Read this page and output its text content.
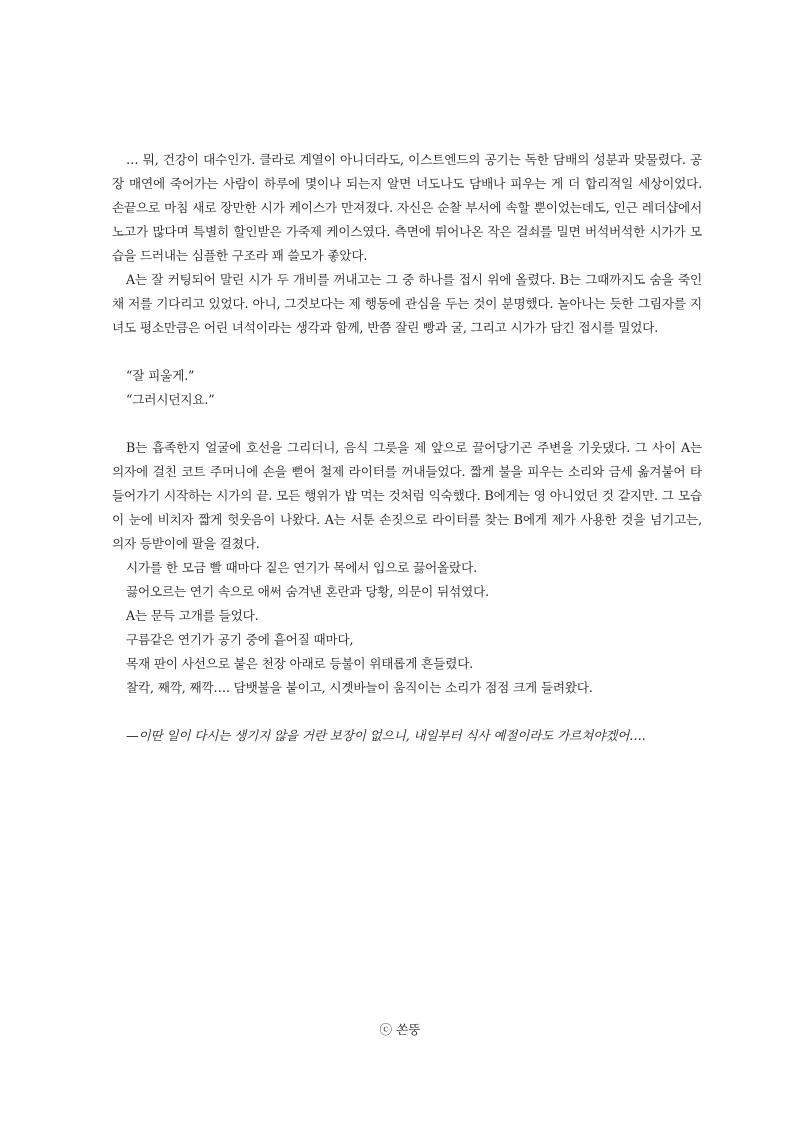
… 뭐, 건강이 대수인가. 클라로 계열이 아니더라도, 이스트엔드의 공기는 독한 담배의 성분과 맞물렸다. 공장 매연에 죽어가는 사람이 하루에 몇이나 되는지 알면 너도나도 담배나 피우는 게 더 합리적일 세상이었다. 손끝으로 마침 새로 장만한 시가 케이스가 만져졌다. 자신은 순찰 부서에 속할 뿐이었는데도, 인근 레더샵에서 노고가 많다며 특별히 할인받은 가죽제 케이스였다. 측면에 튀어나온 작은 걸쇠를 밀면 버석버석한 시가가 모습을 드러내는 심플한 구조라 꽤 쓸모가 좋았다.

A는 잘 커팅되어 말린 시가 두 개비를 꺼내고는 그 중 하나를 접시 위에 올렸다. B는 그때까지도 숨을 죽인 채 저를 기다리고 있었다. 아니, 그것보다는 제 행동에 관심을 두는 것이 분명했다. 놀아나는 듯한 그림자를 지녀도 평소만큼은 어린 녀석이라는 생각과 함께, 반쯤 잘린 빵과 굴, 그리고 시가가 담긴 접시를 밀었다.

“잘 피울게.”

“그러시던지요.”

B는 흡족한지 얼굴에 호선을 그리더니, 음식 그릇을 제 앞으로 끌어당기곤 주변을 기웃댔다. 그 사이 A는 의자에 걸친 코트 주머니에 손을 뻗어 철제 라이터를 꺼내들었다. 짧게 불을 피우는 소리와 금세 옮겨붙어 타들어가기 시작하는 시가의 끝. 모든 행위가 밥 먹는 것처럼 익숙했다. B에게는 영 아니었던 것 같지만. 그 모습이 눈에 비치자 짧게 헛웃음이 나왔다. A는 서툰 손짓으로 라이터를 찾는 B에게 제가 사용한 것을 넘기고는, 의자 등받이에 팔을 걸쳤다.

시가를 한 모금 빨 때마다 짙은 연기가 목에서 입으로 끓어올랐다.

끓어오르는 연기 속으로 애써 숨겨낸 혼란과 당황, 의문이 뒤섞였다.

A는 문득 고개를 들었다.

구름같은 연기가 공기 중에 흩어질 때마다,

목재 판이 사선으로 붙은 천장 아래로 등불이 위태롭게 흔들렸다.

찰칵, 째깍, 째깍…. 담뱃불을 붙이고, 시곗바늘이 움직이는 소리가 점점 크게 들려왔다.

—이딴 일이 다시는 생기지 않을 거란 보장이 없으니, 내일부터 식사 예절이라도 가르쳐야겠어….

ⓒ 쏜뚱
